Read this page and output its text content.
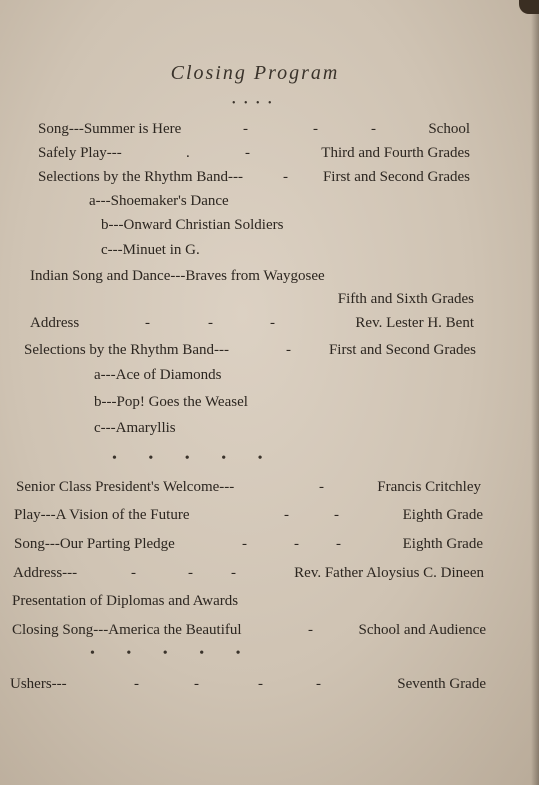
Closing Program
• • • •
Song---Summer is Here	-	-	-	School
Safely Play---	.	-	Third and Fourth Grades
Selections by the Rhythm Band---	- First and Second Grades
a---Shoemaker's Dance
b---Onward Christian Soldiers
c---Minuet in G.
Indian Song and Dance---Braves from Waygosee
Fifth and Sixth Grades
Address	-	-	-	Rev. Lester H. Bent
Selections by the Rhythm Band---	-	First and Second Grades
a---Ace of Diamonds
b---Pop! Goes the Weasel
c---Amaryllis
•         •         •         •         •
Senior Class President's Welcome---	-	Francis Critchley
Play---A Vision of the Future	-	-	Eighth Grade
Song---Our Parting Pledge	-	- -	Eighth Grade
Address---	-	-	-	Rev. Father Aloysius C. Dineen
Presentation of Diplomas and Awards
Closing Song---America the Beautiful	-	School and Audience
•         •         •         •         •
Ushers---	-	-	-	-	Seventh Grade
